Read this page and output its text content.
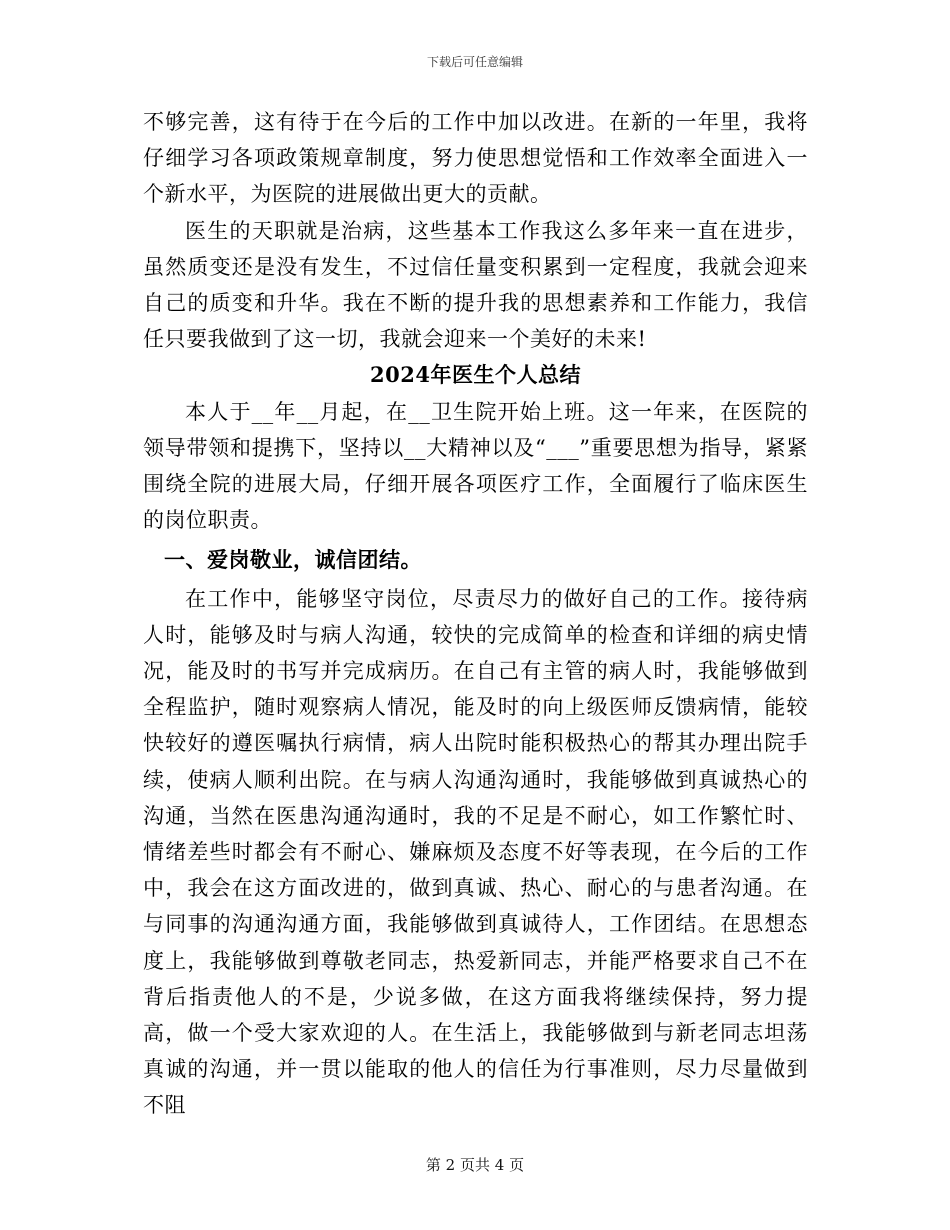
下载后可任意编辑

不够完善，这有待于在今后的工作中加以改进。在新的一年里，我将仔细学习各项政策规章制度，努力使思想觉悟和工作效率全面进入一个新水平，为医院的进展做出更大的贡献。

医生的天职就是治病，这些基本工作我这么多年来一直在进步，虽然质变还是没有发生，不过信任量变积累到一定程度，我就会迎来自己的质变和升华。我在不断的提升我的思想素养和工作能力，我信任只要我做到了这一切，我就会迎来一个美好的未来!

2024年医生个人总结

本人于__年__月起，在__卫生院开始上班。这一年来，在医院的领导带领和提携下，坚持以__大精神以及“___”重要思想为指导，紧紧围绕全院的进展大局，仔细开展各项医疗工作，全面履行了临床医生的岗位职责。

一、爱岗敬业，诚信团结。

在工作中，能够坚守岗位，尽责尽力的做好自己的工作。接待病人时，能够及时与病人沟通，较快的完成简单的检查和详细的病史情况，能及时的书写并完成病历。在自己有主管的病人时，我能够做到全程监护，随时观察病人情况，能及时的向上级医师反馈病情，能较快较好的遵医嘱执行病情，病人出院时能积极热心的帮其办理出院手续，使病人顺利出院。在与病人沟通沟通时，我能够做到真诚热心的沟通，当然在医患沟通沟通时，我的不足是不耐心，如工作繁忙时、情绪差些时都会有不耐心、嫌麻烦及态度不好等表现，在今后的工作中，我会在这方面改进的，做到真诚、热心、耐心的与患者沟通。在与同事的沟通沟通方面，我能够做到真诚待人，工作团结。在思想态度上，我能够做到尊敬老同志，热爱新同志，并能严格要求自己不在背后指责他人的不是，少说多做，在这方面我将继续保持，努力提高，做一个受大家欢迎的人。在生活上，我能够做到与新老同志坦荡真诚的沟通，并一贯以能取的他人的信任为行事准则，尽力尽量做到不阻

第 2 页共 4 页
